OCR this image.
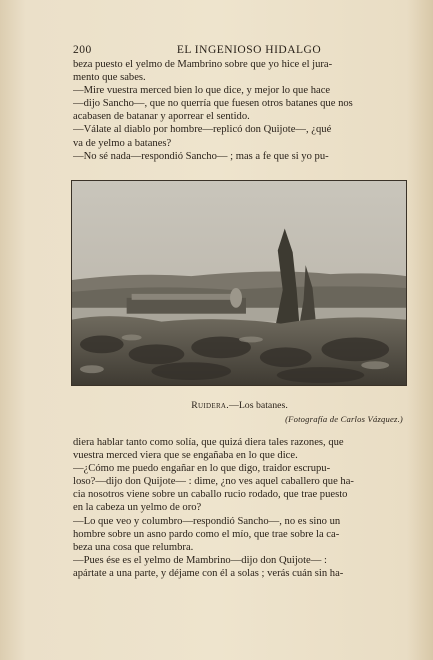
200	EL INGENIOSO HIDALGO
beza puesto el yelmo de Mambrino sobre que yo hice el jura-
mento que sabes.
—Mire vuestra merced bien lo que dice, y mejor lo que hace
—dijo Sancho—, que no querría que fuesen otros batanes que nos
acabasen de batanar y aporrear el sentido.
—Válate al diablo por hombre—replicó don Quijote—, ¿qué
va de yelmo a batanes?
—No sé nada—respondió Sancho— ; mas a fe que si yo pu-
Ruidera.—Los batanes.
(Fotografía de Carlos Vázquez.)
diera hablar tanto como solía, que quizá diera tales razones, que
vuestra merced viera que se engañaba en lo que dice.
—¿Cómo me puedo engañar en lo que digo, traidor escrupu-
loso?—dijo don Quijote— : dime, ¿no ves aquel caballero que ha-
cia nosotros viene sobre un caballo rucio rodado, que trae puesto
en la cabeza un yelmo de oro?
—Lo que veo y columbro—respondió Sancho—, no es sino un
hombre sobre un asno pardo como el mío, que trae sobre la ca-
beza una cosa que relumbra.
—Pues ése es el yelmo de Mambrino—dijo don Quijote— :
apártate a una parte, y déjame con él a solas ; verás cuán sin ha-
